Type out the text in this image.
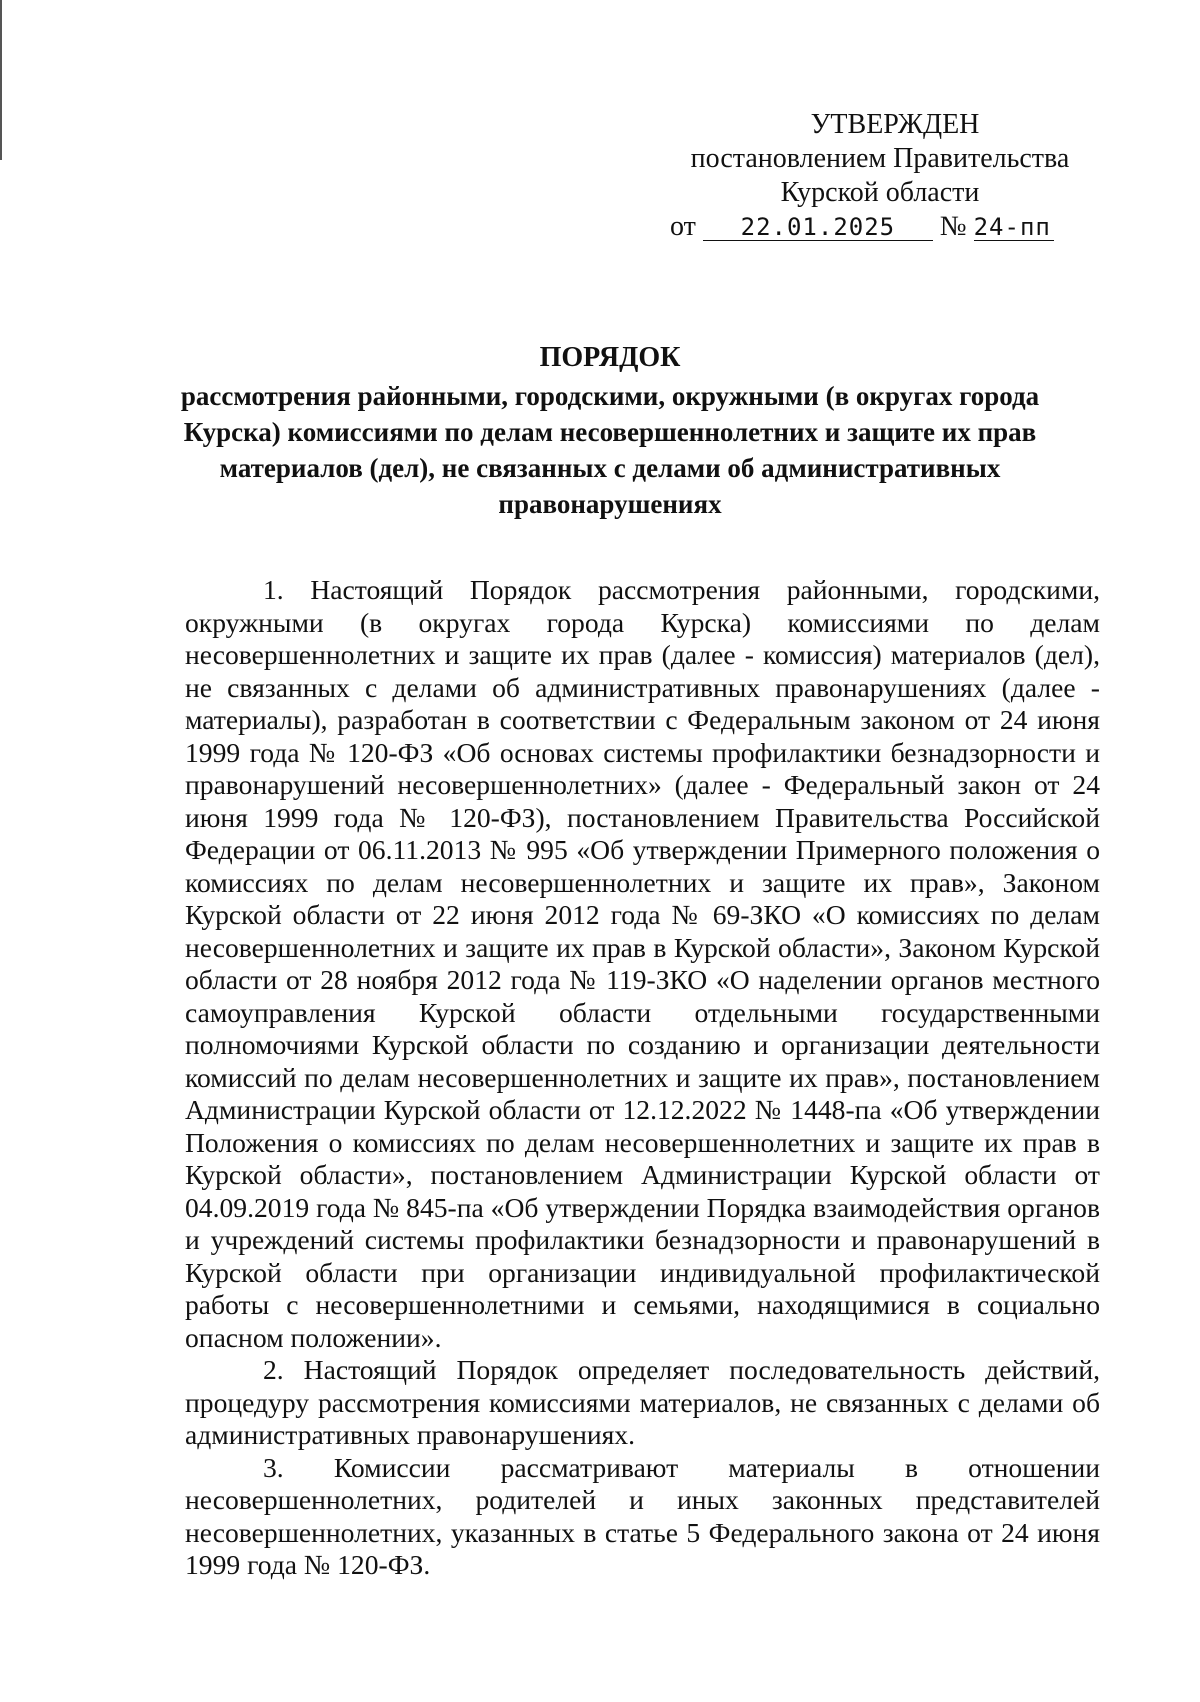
УТВЕРЖДЕН
постановлением Правительства
Курской области
от 22.01.2025 № 24-пп
ПОРЯДОК
рассмотрения районными, городскими, окружными (в округах города Курска) комиссиями по делам несовершеннолетних и защите их прав материалов (дел), не связанных с делами об административных правонарушениях

1. Настоящий Порядок рассмотрения районными, городскими, окружными (в округах города Курска) комиссиями по делам несовершеннолетних и защите их прав (далее - комиссия) материалов (дел), не связанных с делами об административных правонарушениях (далее - материалы), разработан в соответствии с Федеральным законом от 24 июня 1999 года № 120-ФЗ «Об основах системы профилактики безнадзорности и правонарушений несовершеннолетних» (далее - Федеральный закон от 24 июня 1999 года № 120-ФЗ), постановлением Правительства Российской Федерации от 06.11.2013 № 995 «Об утверждении Примерного положения о комиссиях по делам несовершеннолетних и защите их прав», Законом Курской области от 22 июня 2012 года № 69-ЗКО «О комиссиях по делам несовершеннолетних и защите их прав в Курской области», Законом Курской области от 28 ноября 2012 года № 119-ЗКО «О наделении органов местного самоуправления Курской области отдельными государственными полномочиями Курской области по созданию и организации деятельности комиссий по делам несовершеннолетних и защите их прав», постановлением Администрации Курской области от 12.12.2022 № 1448-па «Об утверждении Положения о комиссиях по делам несовершеннолетних и защите их прав в Курской области», постановлением Администрации Курской области от 04.09.2019 года № 845-па «Об утверждении Порядка взаимодействия органов и учреждений системы профилактики безнадзорности и правонарушений в Курской области при организации индивидуальной профилактической работы с несовершеннолетними и семьями, находящимися в социально опасном положении».

2. Настоящий Порядок определяет последовательность действий, процедуру рассмотрения комиссиями материалов, не связанных с делами об административных правонарушениях.

3. Комиссии рассматривают материалы в отношении несовершеннолетних, родителей и иных законных представителей несовершеннолетних, указанных в статье 5 Федерального закона от 24 июня 1999 года № 120-ФЗ.
